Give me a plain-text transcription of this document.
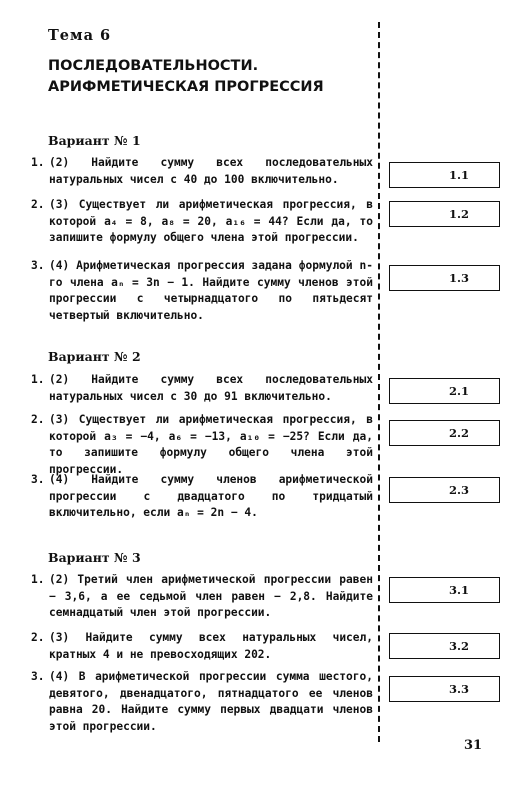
Тема 6
ПОСЛЕДОВАТЕЛЬНОСТИ.
АРИФМЕТИЧЕСКАЯ ПРОГРЕССИЯ
Вариант № 1
1. (2) Найдите сумму всех последовательных натуральных чисел с 40 до 100 включительно.
2. (3) Существует ли арифметическая прогрессия, в которой a₄ = 8, a₈ = 20, a₁₆ = 44? Если да, то запишите формулу общего члена этой прогрессии.
3. (4) Арифметическая прогрессия задана формулой n-го члена aₙ = 3n − 1. Найдите сумму членов этой прогрессии с четырнадцатого по пятьдесят четвертый включительно.
1.1
1.2
1.3
Вариант № 2
1. (2) Найдите сумму всех последовательных натуральных чисел с 30 до 91 включительно.
2. (3) Существует ли арифметическая прогрессия, в которой a₃ = −4, a₆ = −13, a₁₀ = −25? Если да, то запишите формулу общего члена этой прогрессии.
3. (4) Найдите сумму членов арифметической прогрессии с двадцатого по тридцатый включительно, если aₙ = 2n − 4.
2.1
2.2
2.3
Вариант № 3
1. (2) Третий член арифметической прогрессии равен − 3,6, а ее седьмой член равен − 2,8. Найдите семнадцатый член этой прогрессии.
2. (3) Найдите сумму всех натуральных чисел, кратных 4 и не превосходящих 202.
3. (4) В арифметической прогрессии сумма шестого, девятого, двенадцатого, пятнадцатого ее членов равна 20. Найдите сумму первых двадцати членов этой прогрессии.
3.1
3.2
3.3
31
